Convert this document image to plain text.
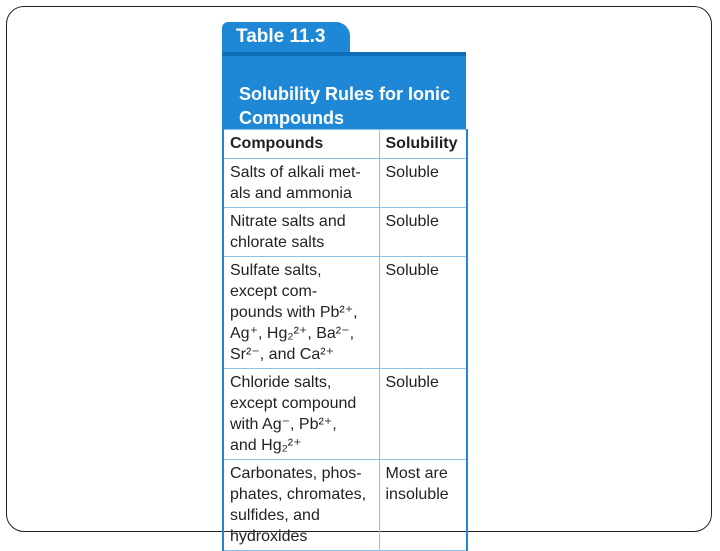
Table 11.3
Solubility Rules for Ionic
Compounds
Compounds	Solubility

Salts of alkali met-
als and ammonia	Soluble

Nitrate salts and
chlorate salts	Soluble

Sulfate salts,
except com-
pounds with Pb²⁺,
Ag⁺, Hg₂²⁺, Ba²⁻,
Sr²⁻, and Ca²⁺	Soluble

Chloride salts,
except compound
with Ag⁻, Pb²⁺,
and Hg₂²⁺	Soluble

Carbonates, phos-
phates, chromates,
sulfides, and
hydroxides	Most are
insoluble
